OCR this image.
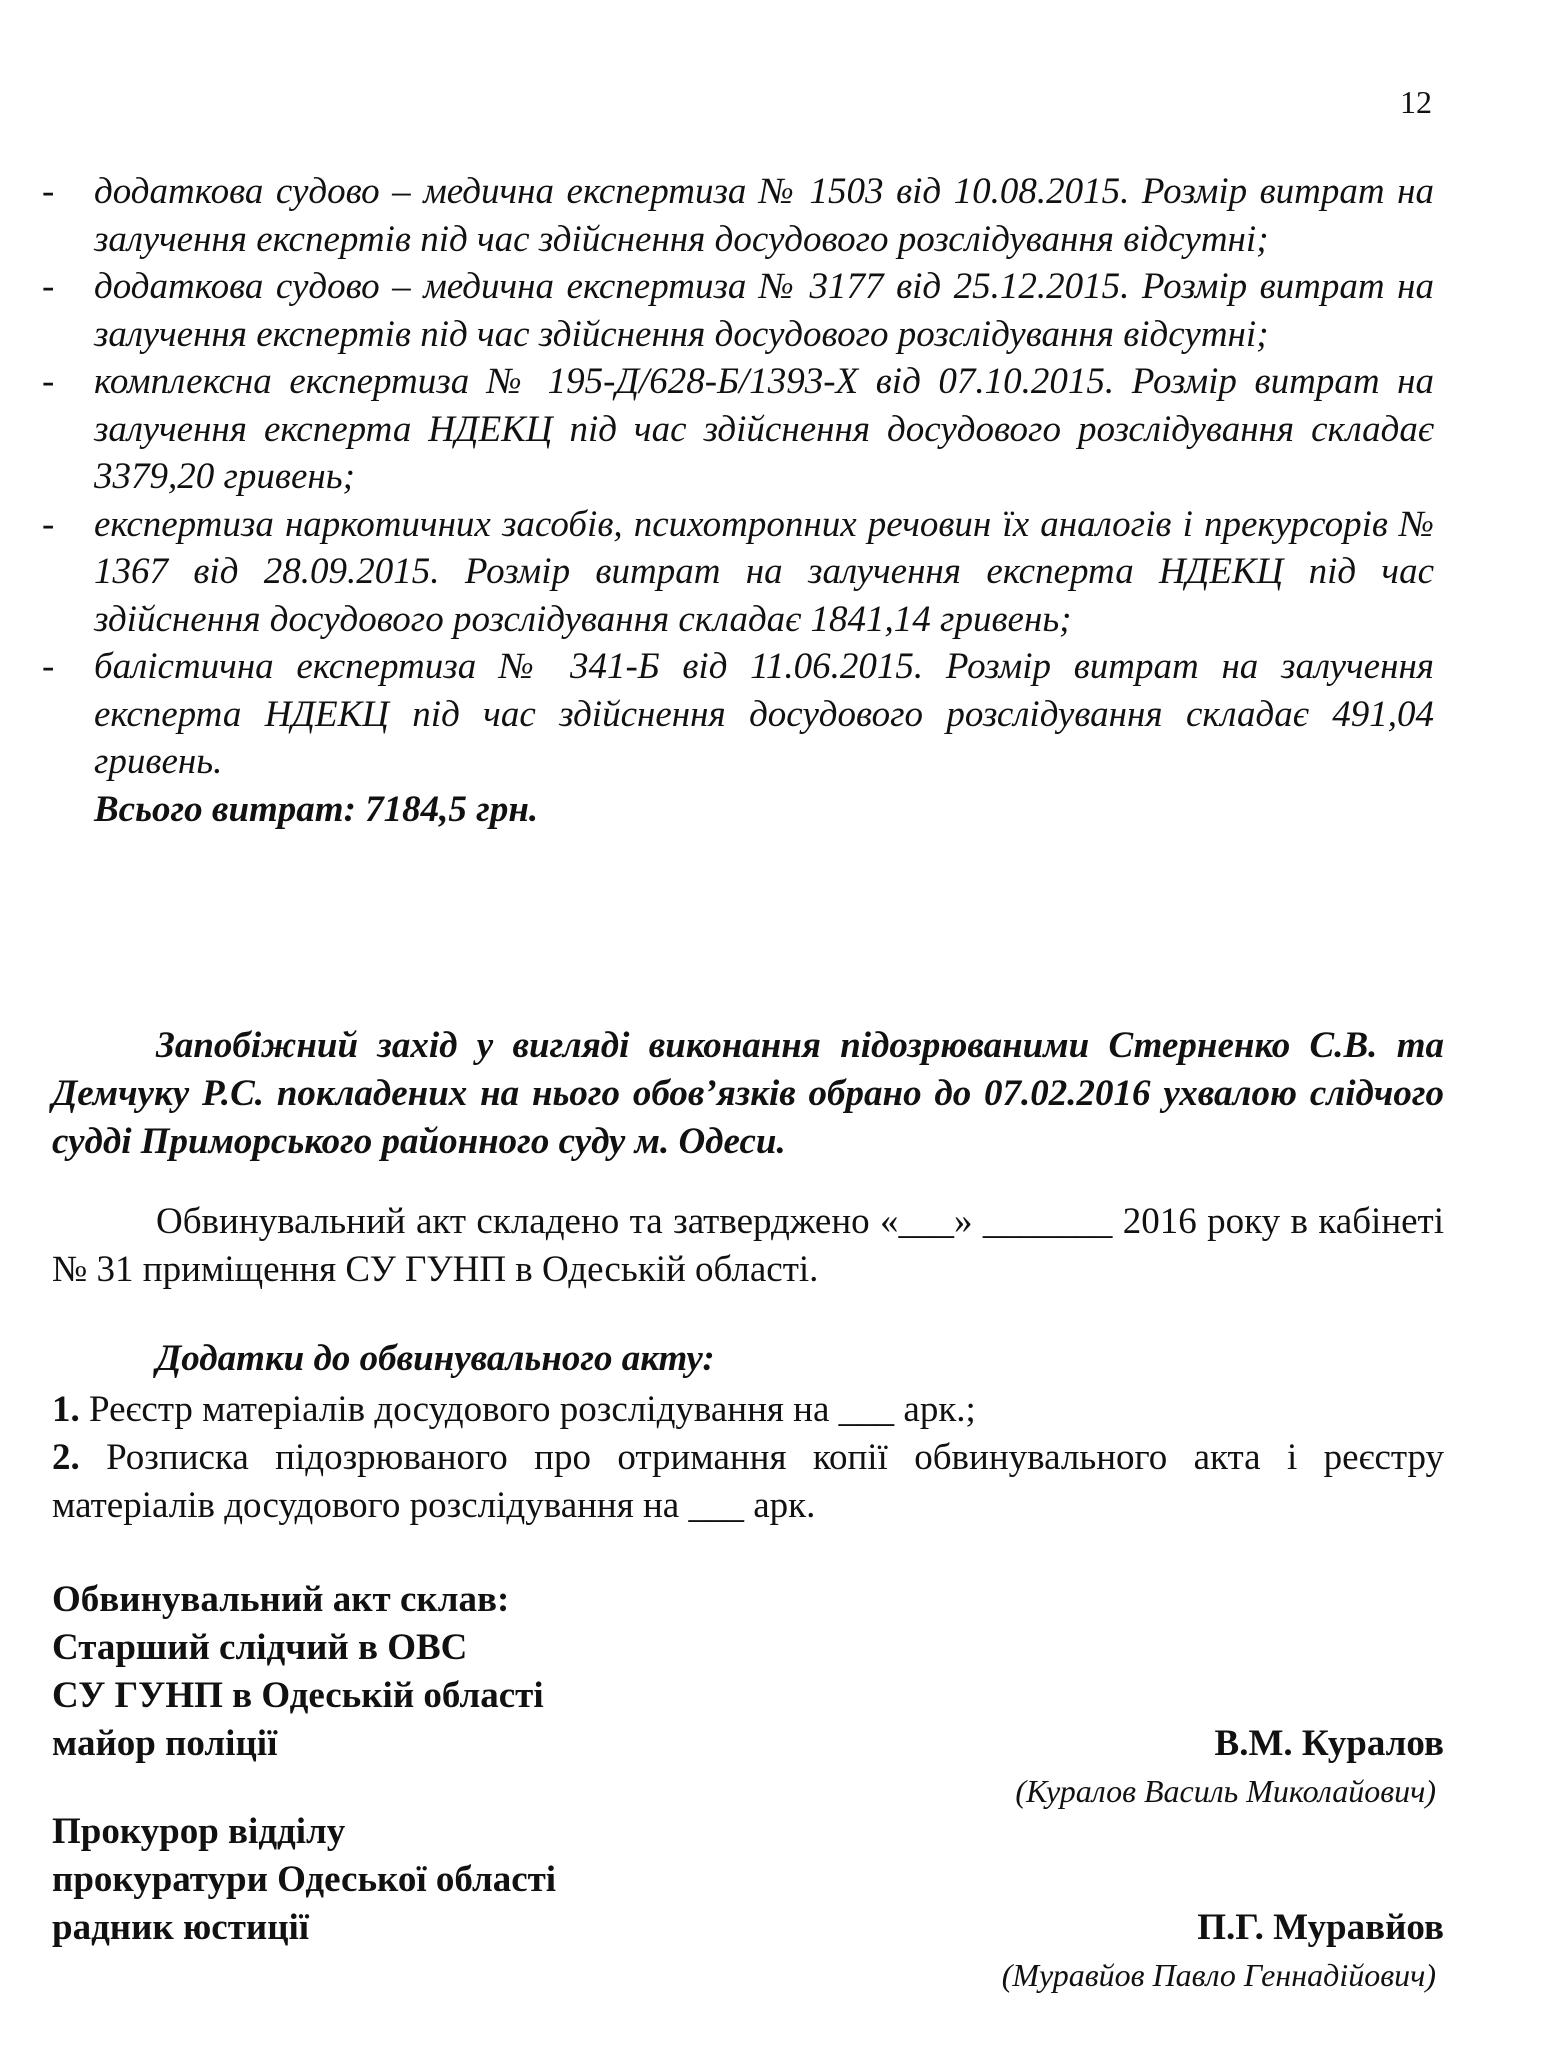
12
- додаткова судово – медична експертиза № 1503 від 10.08.2015. Розмір витрат на залучення експертів під час здійснення досудового розслідування відсутні;
- додаткова судово – медична експертиза № 3177 від 25.12.2015. Розмір витрат на залучення експертів під час здійснення досудового розслідування відсутні;
- комплексна експертиза № 195-Д/628-Б/1393-Х від 07.10.2015. Розмір витрат на залучення експерта НДЕКЦ під час здійснення досудового розслідування складає 3379,20 гривень;
- експертиза наркотичних засобів, психотропних речовин їх аналогів і прекурсорів № 1367 від 28.09.2015. Розмір витрат на залучення експерта НДЕКЦ під час здійснення досудового розслідування складає 1841,14 гривень;
- балістична експертиза № 341-Б від 11.06.2015. Розмір витрат на залучення експерта НДЕКЦ під час здійснення досудового розслідування складає 491,04 гривень.
Всього витрат: 7184,5 грн.
Запобіжний захід у вигляді виконання підозрюваними Стерненко С.В. та Демчуку Р.С. покладених на нього обов’язків обрано до 07.02.2016 ухвалою слідчого судді Приморського районного суду м. Одеси.
Обвинувальний акт складено та затверджено «___» _______ 2016 року в кабінеті № 31 приміщення СУ ГУНП в Одеській області.
Додатки до обвинувального акту:
1. Реєстр матеріалів досудового розслідування на ___ арк.;
2. Розписка підозрюваного про отримання копії обвинувального акта і реєстру матеріалів досудового розслідування на ___ арк.
Обвинувальний акт склав:
Старший слідчий в ОВС
СУ ГУНП в Одеській області
майор поліції	В.М. Куралов
(Куралов Василь Миколайович)
Прокурор відділу
прокуратури Одеської області
радник юстиції	П.Г. Муравйов
(Муравйов Павло Геннадійович)
